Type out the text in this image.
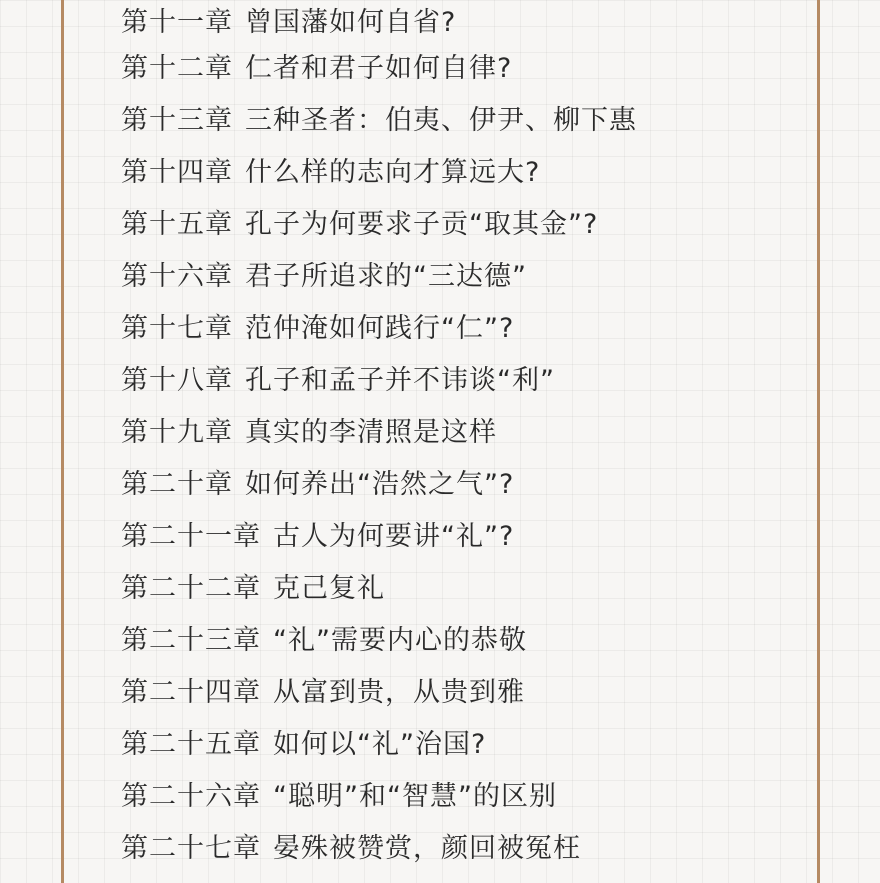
第十一章 曾国藩如何自省?
第十二章 仁者和君子如何自律?
第十三章 三种圣者：伯夷、伊尹、柳下惠
第十四章 什么样的志向才算远大?
第十五章 孔子为何要求子贡“取其金”?
第十六章 君子所追求的“三达德”
第十七章 范仲淹如何践行“仁”?
第十八章 孔子和孟子并不讳谈“利”
第十九章 真实的李清照是这样
第二十章 如何养出“浩然之气”?
第二十一章 古人为何要讲“礼”?
第二十二章 克己复礼
第二十三章 “礼”需要内心的恭敬
第二十四章 从富到贵，从贵到雅
第二十五章 如何以“礼”治国?
第二十六章 “聪明”和“智慧”的区别
第二十七章 晏殊被赞赏，颜回被冤枉
